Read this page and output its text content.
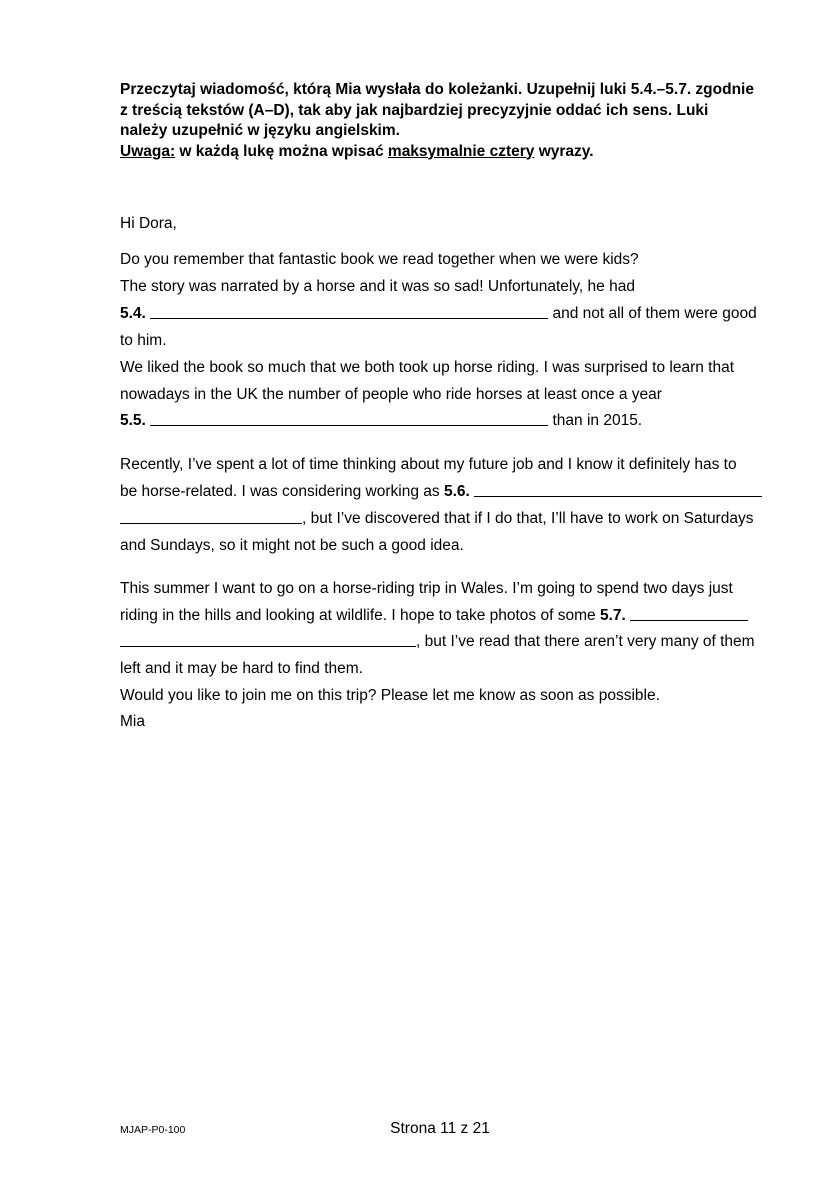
Przeczytaj wiadomość, którą Mia wysłała do koleżanki. Uzupełnij luki 5.4.–5.7. zgodnie
z treścią tekstów (A–D), tak aby jak najbardziej precyzyjnie oddać ich sens. Luki
należy uzupełnić w języku angielskim.
Uwaga: w każdą lukę można wpisać maksymalnie cztery wyrazy.
Hi Dora,
Do you remember that fantastic book we read together when we were kids?
The story was narrated by a horse and it was so sad! Unfortunately, he had
5.4.	and not all of them were good
to him.
We liked the book so much that we both took up horse riding. I was surprised to learn that
nowadays in the UK the number of people who ride horses at least once a year
5.5.	than in 2015.
Recently, I’ve spent a lot of time thinking about my future job and I know it definitely has to
be horse-related. I was considering working as 5.6.
, but I’ve discovered that if I do that, I’ll have to work on Saturdays
and Sundays, so it might not be such a good idea.
This summer I want to go on a horse-riding trip in Wales. I’m going to spend two days just
riding in the hills and looking at wildlife. I hope to take photos of some 5.7.
, but I’ve read that there aren’t very many of them
left and it may be hard to find them.
Would you like to join me on this trip? Please let me know as soon as possible.
Mia
MJAP-P0-100	Strona 11 z 21
